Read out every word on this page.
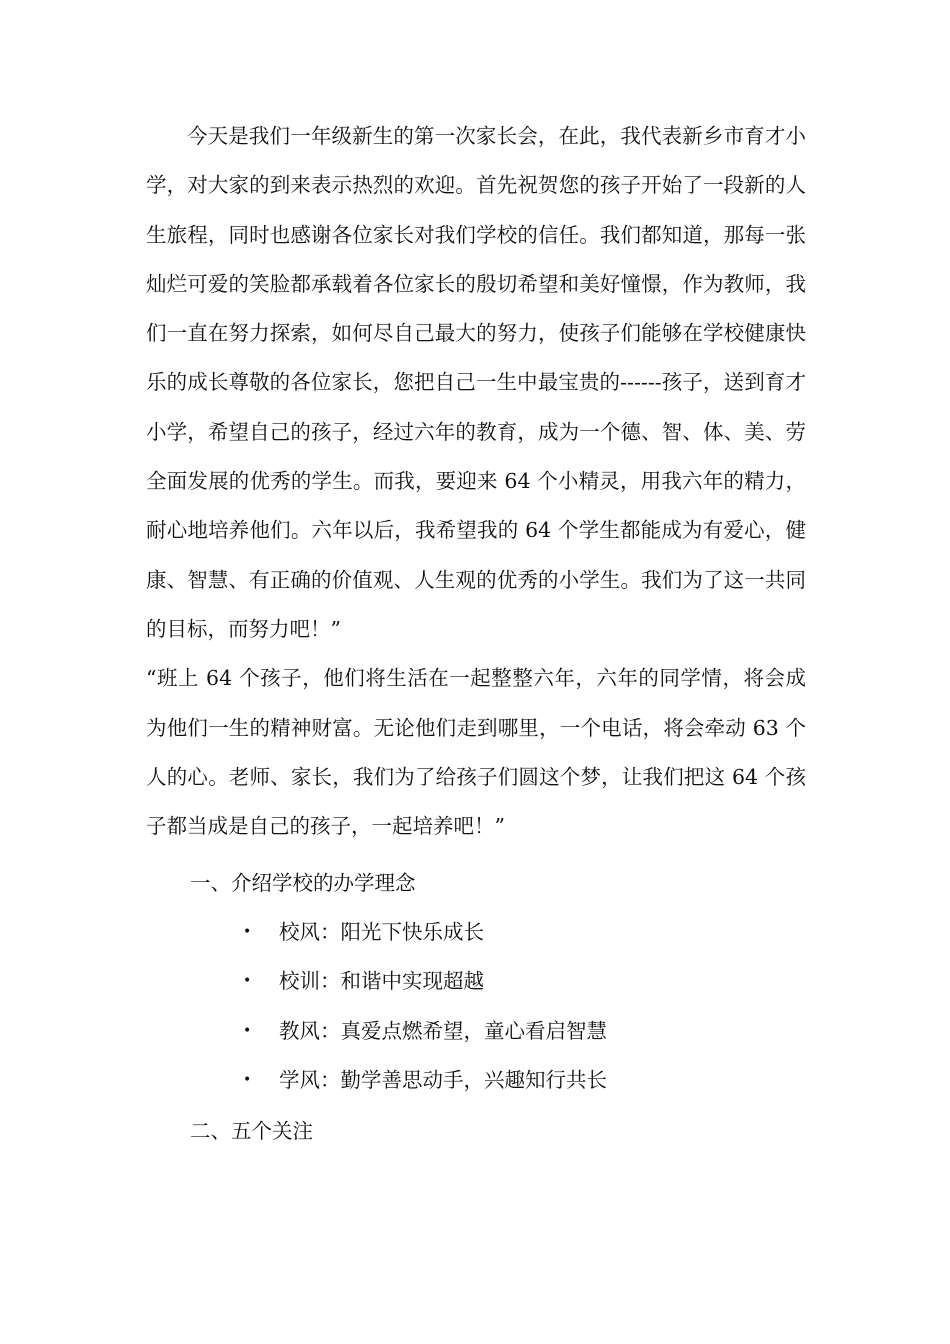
今天是我们一年级新生的第一次家长会，在此，我代表新乡市育才小学，对大家的到来表示热烈的欢迎。首先祝贺您的孩子开始了一段新的人生旅程，同时也感谢各位家长对我们学校的信任。我们都知道，那每一张灿烂可爱的笑脸都承载着各位家长的殷切希望和美好憧憬，作为教师，我们一直在努力探索，如何尽自己最大的努力，使孩子们能够在学校健康快乐的成长尊敬的各位家长，您把自己一生中最宝贵的------孩子，送到育才小学，希望自己的孩子，经过六年的教育，成为一个德、智、体、美、劳全面发展的优秀的学生。而我，要迎来 64 个小精灵，用我六年的精力，耐心地培养他们。六年以后，我希望我的 64 个学生都能成为有爱心，健康、智慧、有正确的价值观、人生观的优秀的小学生。我们为了这一共同的目标，而努力吧！”

“班上 64 个孩子，他们将生活在一起整整六年，六年的同学情，将会成为他们一生的精神财富。无论他们走到哪里，一个电话，将会牵动 63 个人的心。老师、家长，我们为了给孩子们圆这个梦，让我们把这 64 个孩子都当成是自己的孩子，一起培养吧！”

一、介绍学校的办学理念

•	校风：阳光下快乐成长
•	校训：和谐中实现超越
•	教风：真爱点燃希望，童心看启智慧
•	学风：勤学善思动手，兴趣知行共长

二、五个关注
